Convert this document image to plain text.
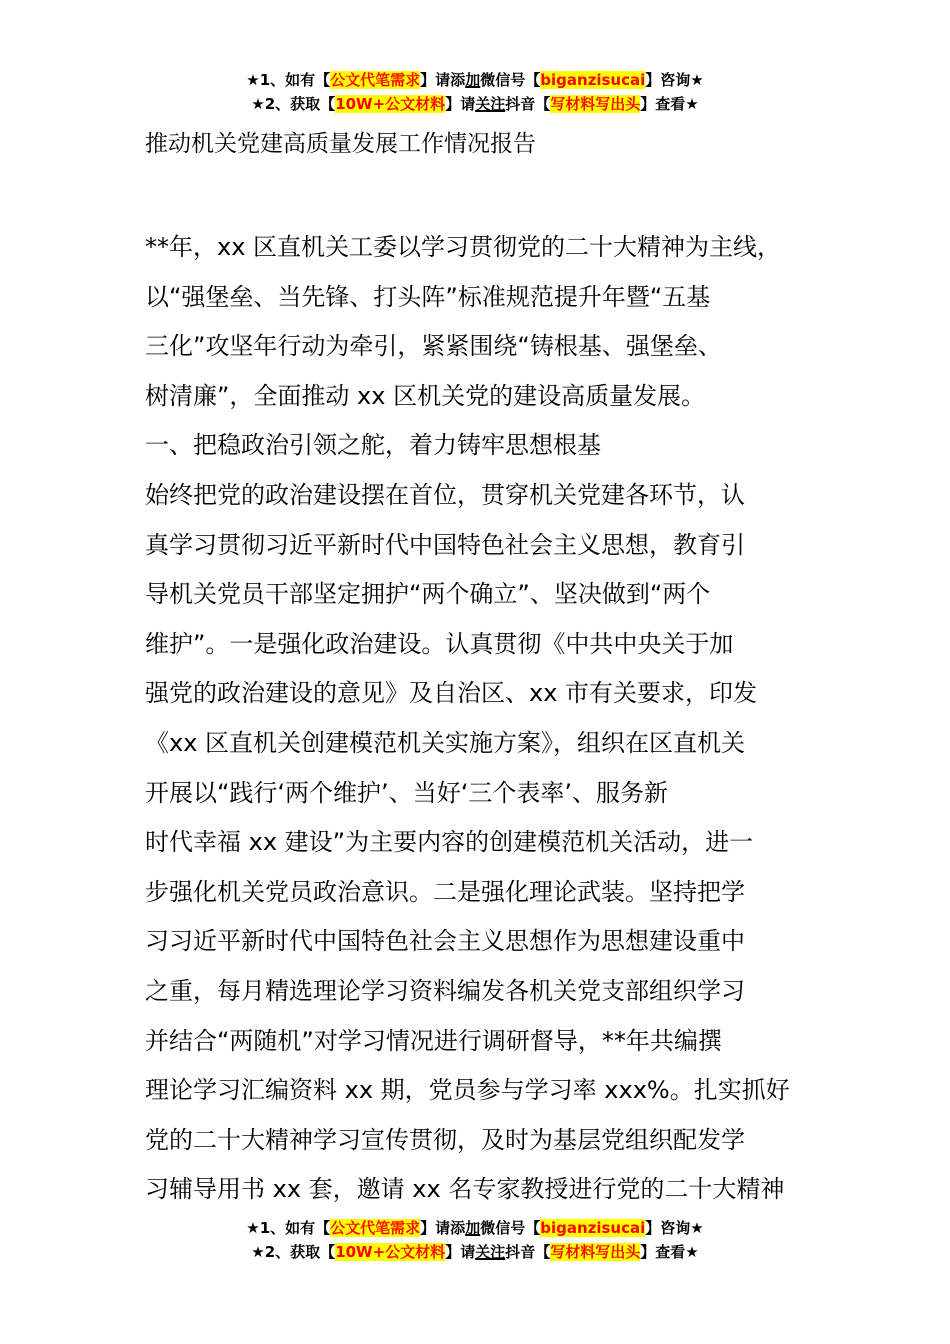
★1、如有【公文代笔需求】请添加微信号【biganzisucai】咨询★
★2、获取【10W+公文材料】请关注抖音【写材料写出头】查看★
推动机关党建高质量发展工作情况报告
**年，xx 区直机关工委以学习贯彻党的二十大精神为主线，
以“强堡垒、当先锋、打头阵”标准规范提升年暨“五基
三化”攻坚年行动为牵引，紧紧围绕“铸根基、强堡垒、
树清廉”，全面推动 xx 区机关党的建设高质量发展。
一、把稳政治引领之舵，着力铸牢思想根基
始终把党的政治建设摆在首位，贯穿机关党建各环节，认
真学习贯彻习近平新时代中国特色社会主义思想，教育引
导机关党员干部坚定拥护“两个确立”、坚决做到“两个
维护”。一是强化政治建设。认真贯彻《中共中央关于加
强党的政治建设的意见》及自治区、xx 市有关要求，印发
《xx 区直机关创建模范机关实施方案》，组织在区直机关
开展以“践行‘两个维护’、当好‘三个表率’、服务新
时代幸福 xx 建设”为主要内容的创建模范机关活动，进一
步强化机关党员政治意识。二是强化理论武装。坚持把学
习习近平新时代中国特色社会主义思想作为思想建设重中
之重，每月精选理论学习资料编发各机关党支部组织学习
并结合“两随机”对学习情况进行调研督导，**年共编撰
理论学习汇编资料 xx 期，党员参与学习率 xxx%。扎实抓好
党的二十大精神学习宣传贯彻，及时为基层党组织配发学
习辅导用书 xx 套，邀请 xx 名专家教授进行党的二十大精神
★1、如有【公文代笔需求】请添加微信号【biganzisucai】咨询★
★2、获取【10W+公文材料】请关注抖音【写材料写出头】查看★
